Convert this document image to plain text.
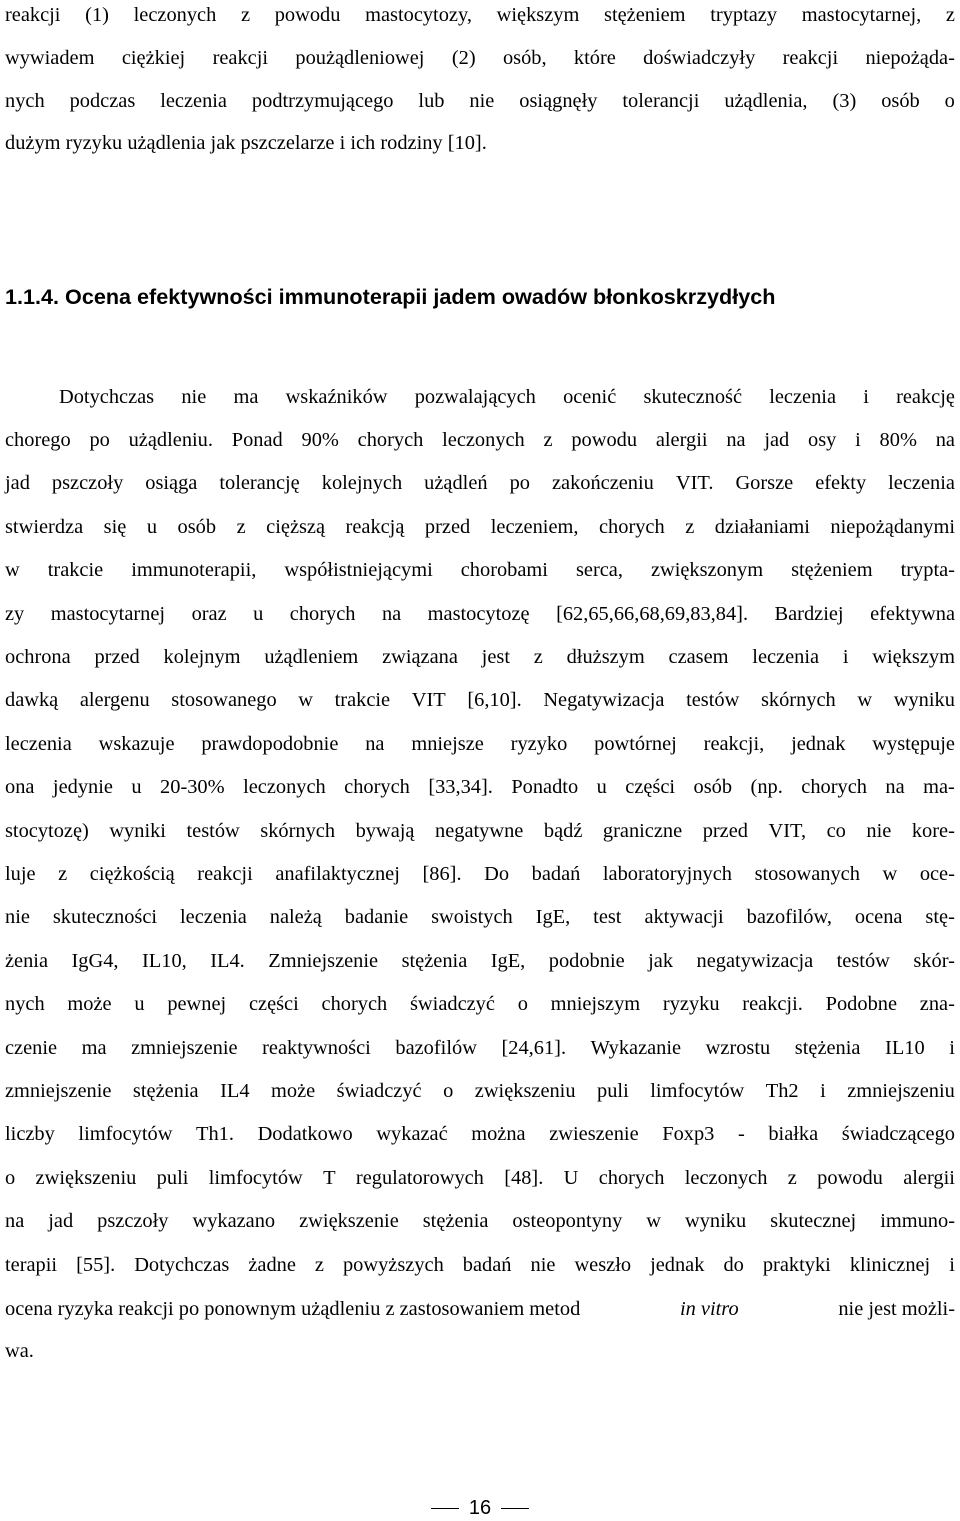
reakcji (1) leczonych z powodu mastocytozy, większym stężeniem tryptazy mastocytarnej, z

wywiadem ciężkiej reakcji poużądleniowej (2) osób, które doświadczyły reakcji niepożąda-

nych podczas leczenia podtrzymującego lub nie osiągnęły tolerancji użądlenia, (3) osób o

dużym ryzyku użądlenia jak pszczelarze i ich rodziny [10].

1.1.4. Ocena efektywności immunoterapii jadem owadów błonkoskrzydłych

Dotychczas nie ma wskaźników pozwalających ocenić skuteczność leczenia i reakcję

chorego po użądleniu. Ponad 90% chorych leczonych z powodu alergii na jad osy i 80% na

jad pszczoły osiąga tolerancję kolejnych użądleń po zakończeniu VIT. Gorsze efekty leczenia

stwierdza się u osób z cięższą reakcją przed leczeniem, chorych z działaniami niepożądanymi

w trakcie immunoterapii, współistniejącymi chorobami serca, zwiększonym stężeniem trypta-

zy mastocytarnej oraz u chorych na mastocytozę [62,65,66,68,69,83,84]. Bardziej efektywna

ochrona przed kolejnym użądleniem związana jest z dłuższym czasem leczenia i większym

dawką alergenu stosowanego w trakcie VIT [6,10]. Negatywizacja testów skórnych w wyniku

leczenia wskazuje prawdopodobnie na mniejsze ryzyko powtórnej reakcji, jednak występuje

ona jedynie u 20-30% leczonych chorych [33,34]. Ponadto u części osób (np. chorych na ma-

stocytozę) wyniki testów skórnych bywają negatywne bądź graniczne przed VIT, co nie kore-

luje z ciężkością reakcji anafilaktycznej [86]. Do badań laboratoryjnych stosowanych w oce-

nie skuteczności leczenia należą badanie swoistych IgE, test aktywacji bazofilów, ocena stę-

żenia IgG4, IL10, IL4. Zmniejszenie stężenia IgE, podobnie jak negatywizacja testów skór-

nych może u pewnej części chorych świadczyć o mniejszym ryzyku reakcji. Podobne zna-

czenie ma zmniejszenie reaktywności bazofilów [24,61]. Wykazanie wzrostu stężenia IL10 i

zmniejszenie stężenia IL4 może świadczyć o zwiększeniu puli limfocytów Th2 i zmniejszeniu

liczby limfocytów Th1. Dodatkowo wykazać można zwieszenie Foxp3 - białka świadczącego

o zwiększeniu puli limfocytów T regulatorowych [48]. U chorych leczonych z powodu alergii

na jad pszczoły wykazano zwiększenie stężenia osteopontyny w wyniku skutecznej immuno-

terapii [55]. Dotychczas żadne z powyższych badań nie weszło jednak do praktyki klinicznej i

ocena ryzyka reakcji po ponownym użądleniu z zastosowaniem metod	in vitro	nie jest możli-

wa.

16
